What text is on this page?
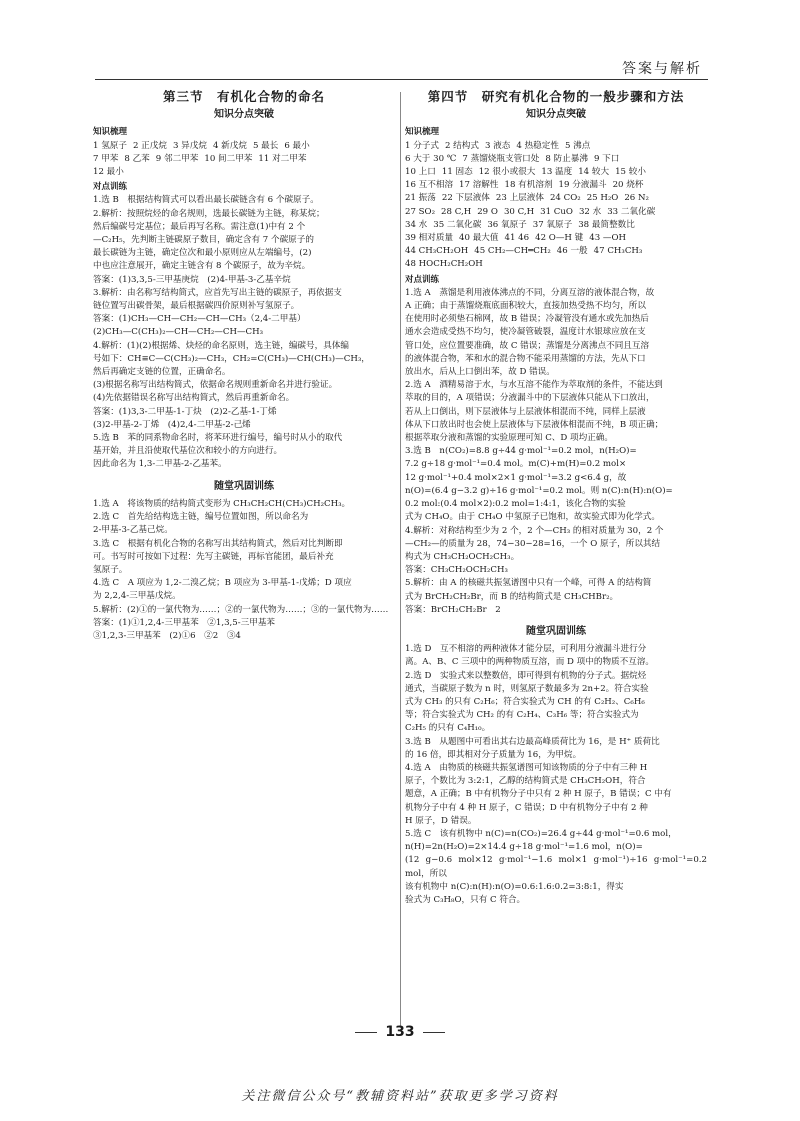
答案与解析
第三节　有机化合物的命名
知识分点突破
知识梳理
1 氢原子 2 正戊烷 3 异戊烷 4 新戊烷 5 最长 6 最小
7 甲苯 8 乙苯 9 邻二甲苯 10 间二甲苯 11 对二甲苯
12 最小
对点训练
1.选 B　根据结构简式可以看出最长碳链含有 6 个碳原子。
2.解析：按照烷烃的命名规则，选最长碳链为主链，称某烷；
然后编碳号定基位；最后再写名称。需注意(1)中有 2 个
—C₂H₅，先判断主链碳原子数目，确定含有 7 个碳原子的
最长碳链为主链，确定位次和最小原则应从左端编号，(2)
中也应注意展开，确定主链含有 8 个碳原子，故为辛烷。
答案：(1)3,3,5-三甲基庚烷　(2)4-甲基-3-乙基辛烷
3.解析：由名称写结构简式，应首先写出主链的碳原子，再依据支
链位置写出碳骨架，最后根据碳四价原则补写氢原子。
答案：(1)CH₃—CH—CH₂—CH—CH₃（2,4-二甲基）
(2)CH₃—C(CH₃)₂—CH—CH₂—CH—CH₃
4.解析：(1)(2)根据烯、炔烃的命名原则，选主链，编碳号，具体编
号如下：CH≡C—C(CH₃)₂—CH₃，CH₂=C(CH₃)—CH(CH₃)—CH₃，
然后再确定支链的位置，正确命名。
(3)根据名称写出结构简式，依据命名规则重新命名并进行验证。
(4)先依据错误名称写出结构简式，然后再重新命名。
答案：(1)3,3-二甲基-1-丁炔　(2)2-乙基-1-丁烯
(3)2-甲基-2-丁烯　(4)2,4-二甲基-2-己烯
5.选 B　苯的同系物命名时，将苯环进行编号，编号时从小的取代
基开始，并且沿使取代基位次和较小的方向进行。
因此命名为 1,3-二甲基-2-乙基苯。
随堂巩固训练
1.选 A　将该物质的结构简式变形为 CH₃CH₂CH(CH₃)CH₂CH₃。
2.选 C　首先给结构选主链，编号位置如图，所以命名为
2-甲基-3-乙基己烷。
3.选 C　根据有机化合物的名称写出其结构简式，然后对比判断即
可。书写时可按如下过程：先写主碳链，再标官能团，最后补充
氢原子。
4.选 C　A 项应为 1,2-二溴乙烷；B 项应为 3-甲基-1-戊烯；D 项应
为 2,2,4-三甲基戊烷。
5.解析：(2)①的一氯代物为……；②的一氯代物为……；③的一氯代物为……
答案：(1)①1,2,4-三甲基苯　②1,3,5-三甲基苯
③1,2,3-三甲基苯　(2)①6　②2　③4
第四节　研究有机化合物的一般步骤和方法
知识分点突破
知识梳理
1 分子式 2 结构式 3 液态 4 热稳定性 5 沸点
6 大于 30 ℃ 7 蒸馏烧瓶支管口处 8 防止暴沸 9 下口
10 上口 11 固态 12 很小或很大 13 温度 14 较大 15 较小
16 互不相溶 17 溶解性 18 有机溶剂 19 分液漏斗 20 烧杯
21 振荡 22 下层液体 23 上层液体 24 CO₂ 25 H₂O 26 N₂
27 SO₂ 28 C,H 29 O 30 C,H 31 CuO 32 水 33 二氧化碳
34 水 35 二氧化碳 36 氧原子 37 氧原子 38 最简整数比
39 相对质量 40 最大值 41 46 42 O—H 键 43 —OH
44 CH₃CH₂OH 45 CH₂—CH═CH₂ 46 一般 47 CH₃CH₃
48 HOCH₂CH₂OH
对点训练
1.选 A　蒸馏是利用液体沸点的不同，分离互溶的液体混合物，故
A 正确；由于蒸馏烧瓶底面积较大，直接加热受热不均匀，所以
在使用时必须垫石棉网，故 B 错误；冷凝管没有通水或先加热后
通水会造成受热不均匀，使冷凝管破裂，温度计水银球应放在支
管口处，应位置要准确，故 C 错误；蒸馏是分离沸点不同且互溶
的液体混合物，苯和水的混合物不能采用蒸馏的方法，先从下口
放出水，后从上口倒出苯，故 D 错误。
2.选 A　酒精易溶于水，与水互溶不能作为萃取剂的条件，不能达到
萃取的目的，A 项错误；分液漏斗中的下层液体只能从下口放出，
若从上口倒出，则下层液体与上层液体相混而不纯，同样上层液
体从下口放出时也会使上层液体与下层液体相混而不纯，B 项正确；
根据萃取分液和蒸馏的实验原理可知 C、D 项均正确。
3.选 B　n(CO₂)=8.8 g÷44 g·mol⁻¹=0.2 mol，n(H₂O)=
7.2 g÷18 g·mol⁻¹=0.4 mol。m(C)+m(H)=0.2 mol×
12 g·mol⁻¹+0.4 mol×2×1 g·mol⁻¹=3.2 g<6.4 g，故
n(O)=(6.4 g−3.2 g)÷16 g·mol⁻¹=0.2 mol。则 n(C):n(H):n(O)=
0.2 mol:(0.4 mol×2):0.2 mol=1:4:1，该化合物的实验
式为 CH₄O。由于 CH₄O 中氢原子已饱和，故实验式即为化学式。
4.解析：对称结构至少为 2 个，2 个—CH₃ 的相对质量为 30，2 个
—CH₂—的质量为 28，74−30−28=16，一个 O 原子，所以其结
构式为 CH₃CH₂OCH₂CH₃。
答案：CH₃CH₂OCH₂CH₃
5.解析：由 A 的核磁共振氢谱图中只有一个峰，可得 A 的结构简
式为 BrCH₂CH₂Br，而 B 的结构简式是 CH₃CHBr₂。
答案：BrCH₂CH₂Br　2
随堂巩固训练
1.选 D　互不相溶的两种液体才能分层，可利用分液漏斗进行分
离。A、B、C 三项中的两种物质互溶，而 D 项中的物质不互溶。
2.选 D　实验式来以整数倍，即可得到有机物的分子式。据烷烃
通式，当碳原子数为 n 时，则氢原子数最多为 2n+2。符合实验
式为 CH₃ 的只有 C₂H₆；符合实验式为 CH 的有 C₂H₂、C₆H₆
等；符合实验式为 CH₂ 的有 C₂H₄、C₃H₆ 等；符合实验式为
C₂H₅ 的只有 C₄H₁₀。
3.选 B　从题图中可看出其右边最高峰质荷比为 16，是 H⁺ 质荷比
的 16 倍，即其相对分子质量为 16，为甲烷。
4.选 A　由物质的核磁共振氢谱图可知该物质的分子中有三种 H
原子，个数比为 3:2:1，乙醇的结构简式是 CH₃CH₂OH，符合
题意，A 正确；B 中有机物分子中只有 2 种 H 原子，B 错误；C 中有
机物分子中有 4 种 H 原子，C 错误；D 中有机物分子中有 2 种
H 原子，D 错误。
5.选 C　该有机物中 n(C)=n(CO₂)=26.4 g÷44 g·mol⁻¹=0.6 mol，
n(H)=2n(H₂O)=2×14.4 g÷18 g·mol⁻¹=1.6 mol，n(O)=
(12 g−0.6 mol×12 g·mol⁻¹−1.6 mol×1 g·mol⁻¹)÷16 g·mol⁻¹=0.2 mol，所以
该有机物中 n(C):n(H):n(O)=0.6:1.6:0.2=3:8:1，得实
验式为 C₃H₈O，只有 C 符合。
133
关注微信公众号“教辅资料站”获取更多学习资料
